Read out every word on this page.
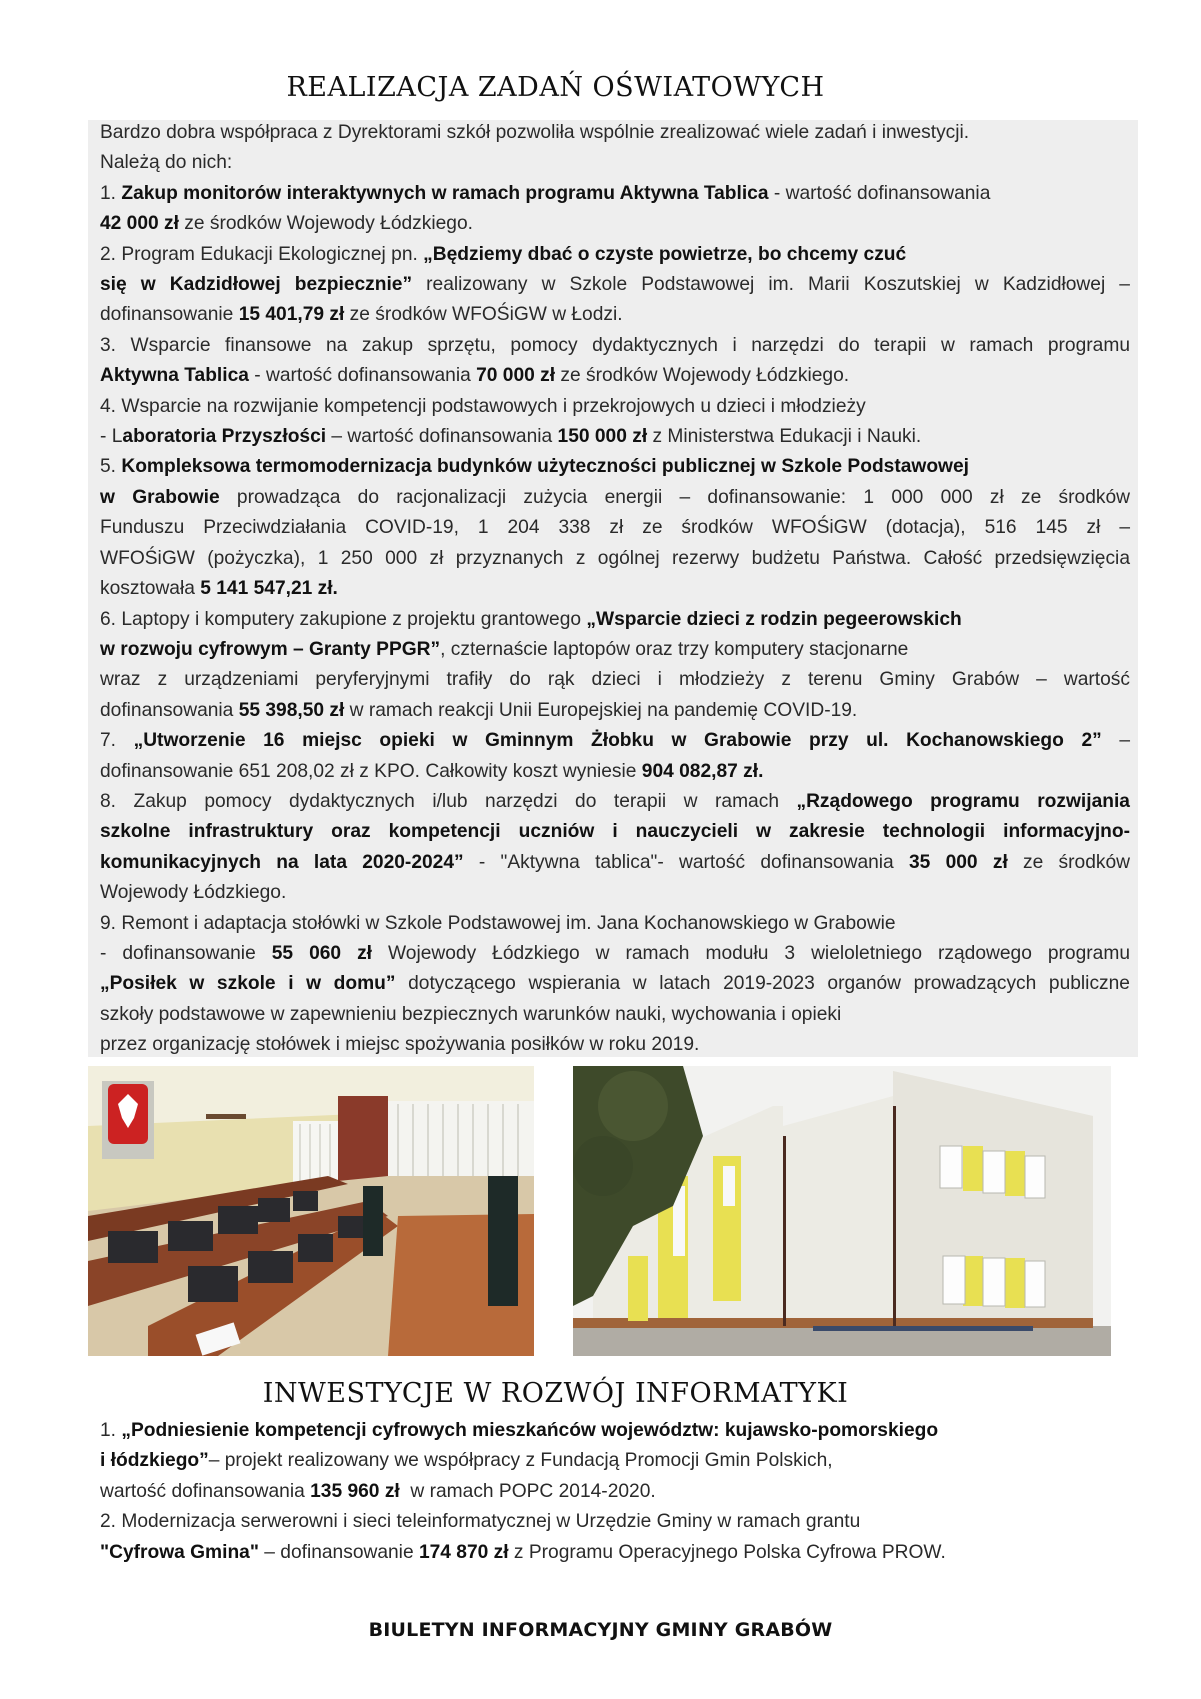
REALIZACJA ZADAŃ OŚWIATOWYCH

Bardzo dobra współpraca z Dyrektorami szkół pozwoliła wspólnie zrealizować wiele zadań i inwestycji.

Należą do nich:

1. Zakup monitorów interaktywnych w ramach programu Aktywna Tablica - wartość dofinansowania

42 000 zł ze środków Wojewody Łódzkiego.

2. Program Edukacji Ekologicznej pn. „Będziemy dbać o czyste powietrze, bo chcemy czuć

się w Kadzidłowej bezpiecznie” realizowany w Szkole Podstawowej im. Marii Koszutskiej w Kadzidłowej –

dofinansowanie 15 401,79 zł ze środków WFOŚiGW w Łodzi.

3. Wsparcie finansowe na zakup sprzętu, pomocy dydaktycznych i narzędzi do terapii w ramach programu

Aktywna Tablica - wartość dofinansowania 70 000 zł ze środków Wojewody Łódzkiego.

4. Wsparcie na rozwijanie kompetencji podstawowych i przekrojowych u dzieci i młodzieży

- Laboratoria Przyszłości – wartość dofinansowania 150 000 zł z Ministerstwa Edukacji i Nauki.

5. Kompleksowa termomodernizacja budynków użyteczności publicznej w Szkole Podstawowej

w Grabowie prowadząca do racjonalizacji zużycia energii – dofinansowanie: 1 000 000 zł ze środków

Funduszu Przeciwdziałania COVID-19, 1 204 338 zł ze środków WFOŚiGW (dotacja), 516 145 zł –

WFOŚiGW (pożyczka), 1 250 000 zł przyznanych z ogólnej rezerwy budżetu Państwa. Całość przedsięwzięcia

kosztowała 5 141 547,21 zł.

6. Laptopy i komputery zakupione z projektu grantowego „Wsparcie dzieci z rodzin pegeerowskich

w rozwoju cyfrowym – Granty PPGR”, czternaście laptopów oraz trzy komputery stacjonarne

wraz z urządzeniami peryferyjnymi trafiły do rąk dzieci i młodzieży z terenu Gminy Grabów – wartość

dofinansowania 55 398,50 zł w ramach reakcji Unii Europejskiej na pandemię COVID-19.

7. „Utworzenie 16 miejsc opieki w Gminnym Żłobku w Grabowie przy ul. Kochanowskiego 2” –

dofinansowanie 651 208,02 zł z KPO. Całkowity koszt wyniesie 904 082,87 zł.

8. Zakup pomocy dydaktycznych i/lub narzędzi do terapii w ramach „Rządowego programu rozwijania

szkolne infrastruktury oraz kompetencji uczniów i nauczycieli w zakresie technologii informacyjno-

komunikacyjnych na lata 2020-2024” - "Aktywna tablica"- wartość dofinansowania 35 000 zł ze środków

Wojewody Łódzkiego.

9. Remont i adaptacja stołówki w Szkole Podstawowej im. Jana Kochanowskiego w Grabowie

- dofinansowanie 55 060 zł Wojewody Łódzkiego w ramach modułu 3 wieloletniego rządowego programu

„Posiłek w szkole i w domu” dotyczącego wspierania w latach 2019-2023 organów prowadzących publiczne

szkoły podstawowe w zapewnieniu bezpiecznych warunków nauki, wychowania i opieki

przez organizację stołówek i miejsc spożywania posiłków w roku 2019.

INWESTYCJE W ROZWÓJ INFORMATYKI

1. „Podniesienie kompetencji cyfrowych mieszkańców województw: kujawsko-pomorskiego

i łódzkiego”– projekt realizowany we współpracy z Fundacją Promocji Gmin Polskich,

wartość dofinansowania 135 960 zł  w ramach POPC 2014-2020.

2. Modernizacja serwerowni i sieci teleinformatycznej w Urzędzie Gminy w ramach grantu

"Cyfrowa Gmina" – dofinansowanie 174 870 zł z Programu Operacyjnego Polska Cyfrowa PROW.

BIULETYN INFORMACYJNY GMINY GRABÓW
